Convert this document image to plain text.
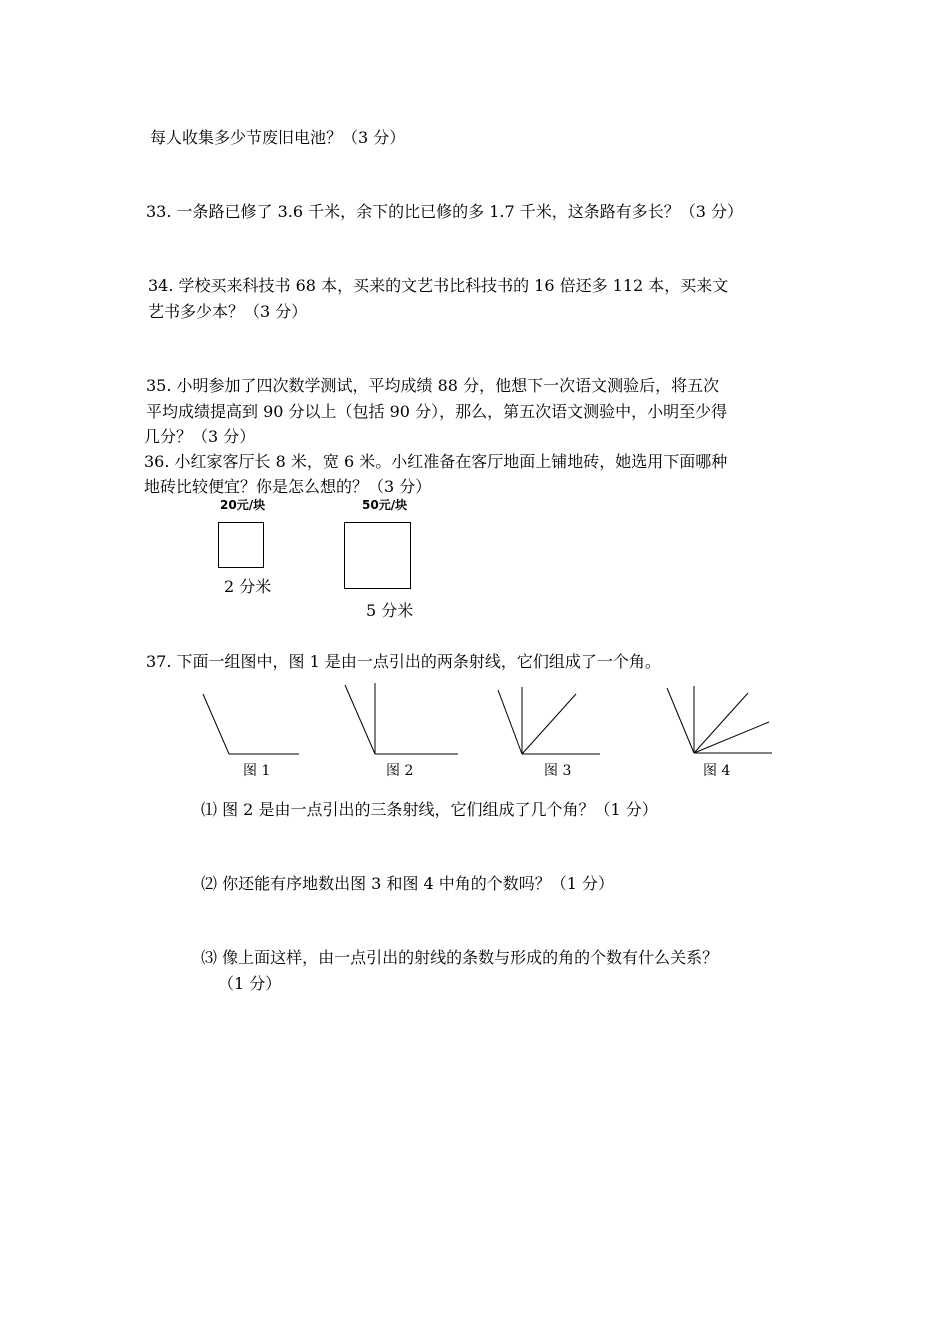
每人收集多少节废旧电池？（3 分）
33. 一条路已修了 3.6 千米，余下的比已修的多 1.7 千米，这条路有多长？（3 分）
34. 学校买来科技书 68 本，买来的文艺书比科技书的 16 倍还多 112 本，买来文
艺书多少本？（3 分）
35. 小明参加了四次数学测试，平均成绩 88 分，他想下一次语文测验后，将五次
平均成绩提高到 90 分以上（包括 90 分），那么，第五次语文测验中，小明至少得
几分？（3 分）
36. 小红家客厅长 8 米，宽 6 米。小红准备在客厅地面上铺地砖，她选用下面哪种
地砖比较便宜？你是怎么想的？（3 分）
20元/块
2 分米
50元/块
5 分米
37. 下面一组图中，图 1 是由一点引出的两条射线，它们组成了一个角。
图 1	图 2	图 3	图 4
⑴ 图 2 是由一点引出的三条射线，它们组成了几个角？（1 分）
⑵ 你还能有序地数出图 3 和图 4 中角的个数吗？（1 分）
⑶ 像上面这样，由一点引出的射线的条数与形成的角的个数有什么关系？
（1 分）
